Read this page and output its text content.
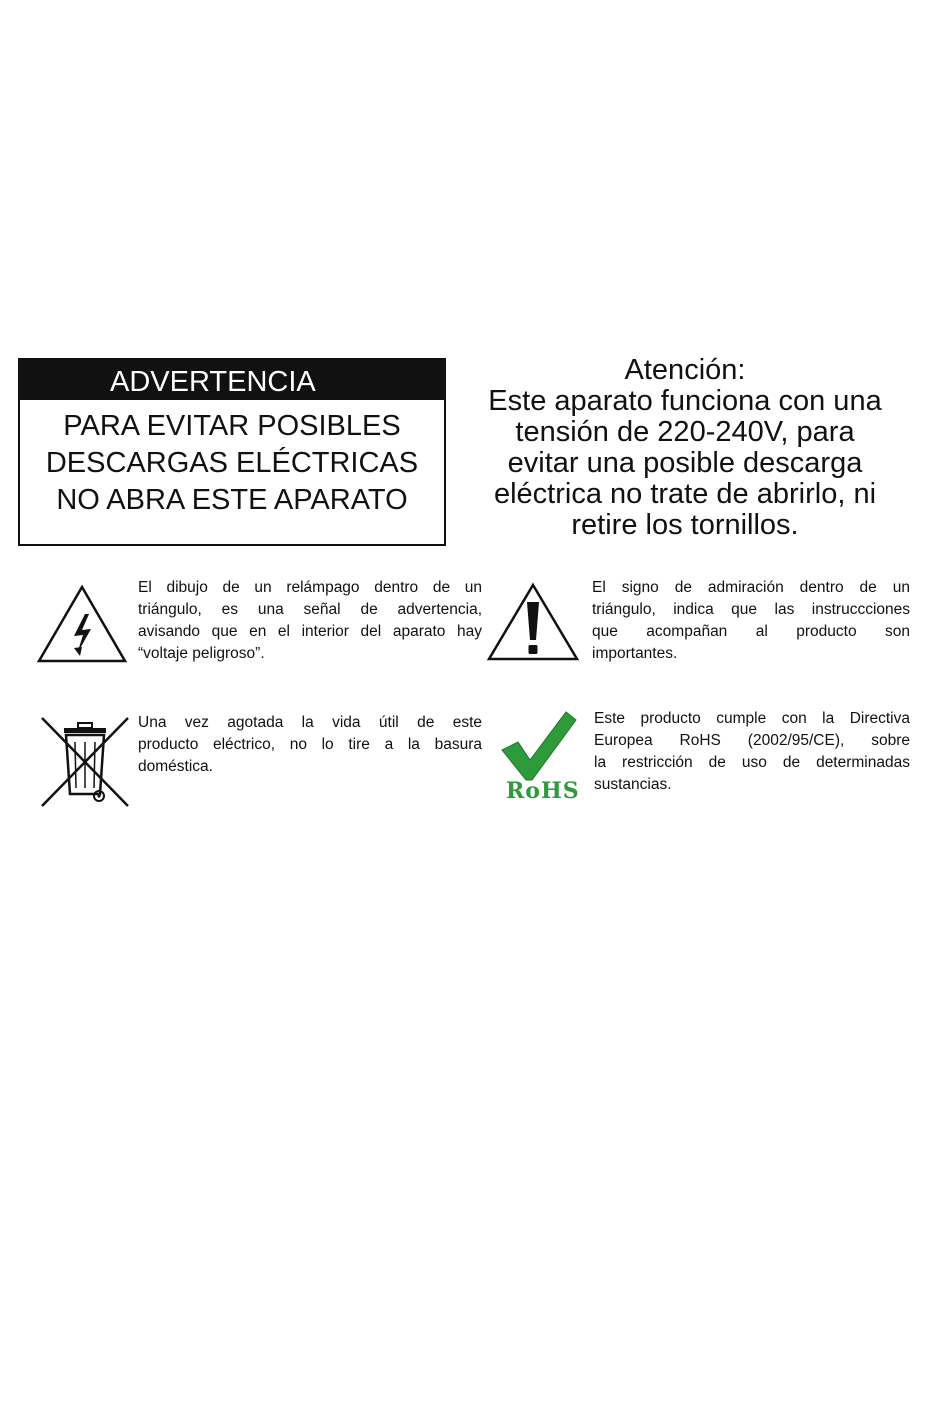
ADVERTENCIA
PARA EVITAR POSIBLES
DESCARGAS ELÉCTRICAS
NO ABRA ESTE APARATO
Atención:
Este aparato funciona con una
tensión de 220-240V, para
evitar una posible descarga
eléctrica no trate de abrirlo, ni
retire los tornillos.
El dibujo de un relámpago dentro de un
triángulo, es una señal de advertencia,
avisando que en el interior del aparato hay
“voltaje peligroso”.
El signo de admiración dentro de un
triángulo, indica que las instruccciones
que acompañan al producto son
importantes.
Una vez agotada la vida útil de este
producto eléctrico, no lo tire a la basura
doméstica.
RoHS
Este producto cumple con la Directiva
Europea RoHS (2002/95/CE), sobre
la restricción de uso de determinadas
sustancias.
